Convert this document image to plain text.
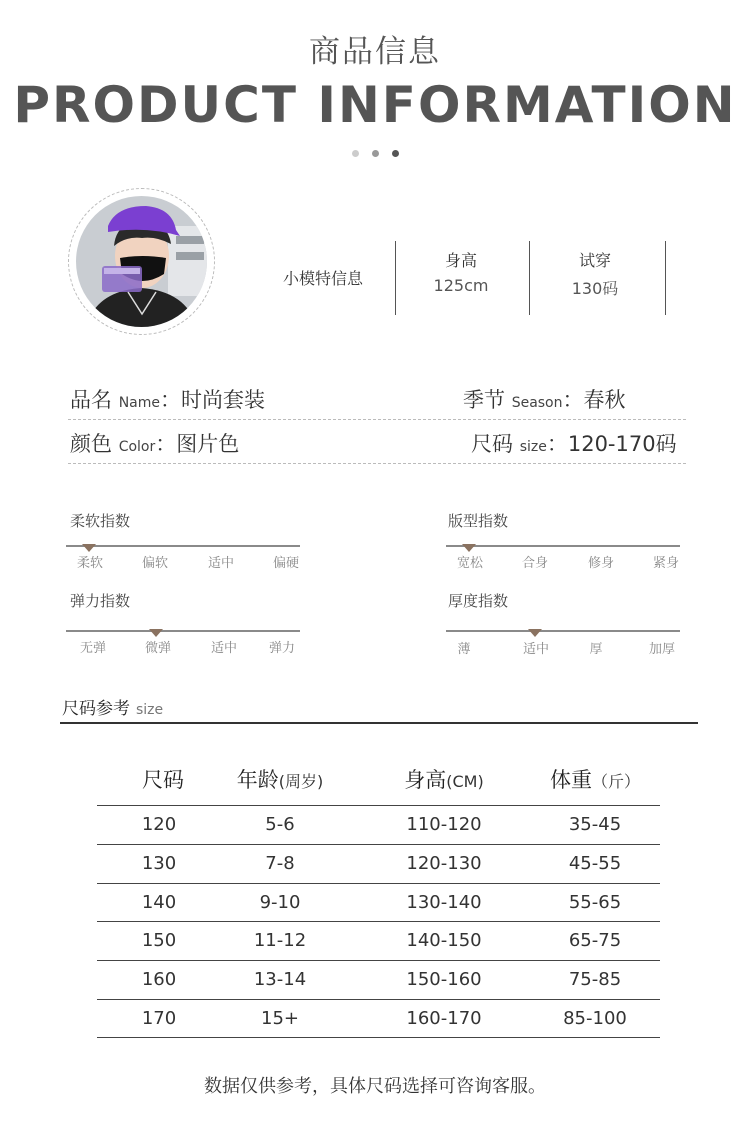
商品信息
PRODUCT INFORMATION
小模特信息
身高
125cm
试穿
130码
品名 Name：时尚套装	季节 Season：春秋
颜色 Color：图片色	尺码 size：120-170码
柔软指数
柔软	偏软	适中	偏硬
版型指数
宽松	合身	修身	紧身
弹力指数
无弹	微弹	适中	弹力
厚度指数
薄	适中	厚	加厚
尺码参考 size
尺码	年龄(周岁)	身高(CM)	体重（斤）
120	5-6	110-120	35-45
130	7-8	120-130	45-55
140	9-10	130-140	55-65
150	11-12	140-150	65-75
160	13-14	150-160	75-85
170	15+	160-170	85-100
数据仅供参考，具体尺码选择可咨询客服。
